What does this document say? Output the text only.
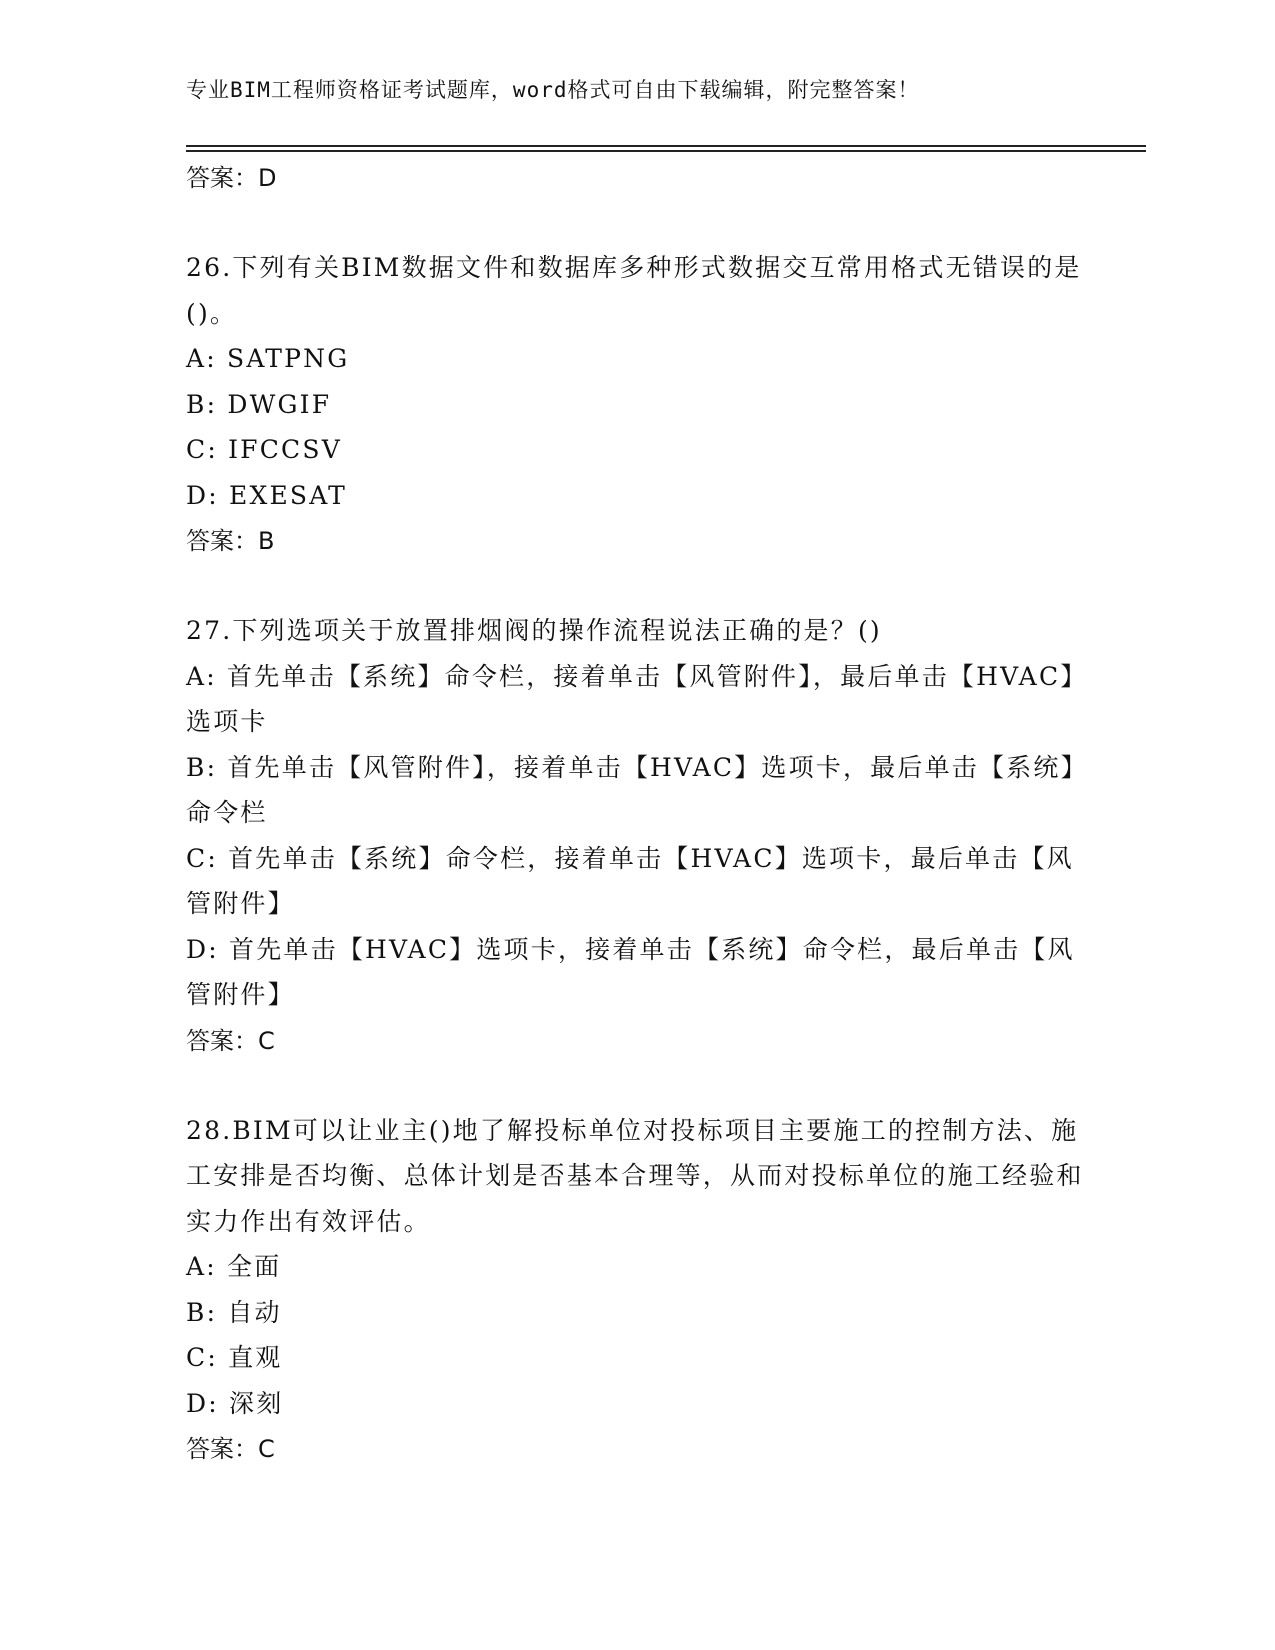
专业BIM工程师资格证考试题库，word格式可自由下载编辑，附完整答案！
答案：D
26.下列有关BIM数据文件和数据库多种形式数据交互常用格式无错误的是()。
A: SATPNG
B: DWGIF
C: IFCCSV
D: EXESAT
答案：B
27.下列选项关于放置排烟阀的操作流程说法正确的是？()
A: 首先单击【系统】命令栏，接着单击【风管附件】，最后单击【HVAC】选项卡
B: 首先单击【风管附件】，接着单击【HVAC】选项卡，最后单击【系统】命令栏
C: 首先单击【系统】命令栏，接着单击【HVAC】选项卡，最后单击【风管附件】
D: 首先单击【HVAC】选项卡，接着单击【系统】命令栏，最后单击【风管附件】
答案：C
28.BIM可以让业主()地了解投标单位对投标项目主要施工的控制方法、施工安排是否均衡、总体计划是否基本合理等，从而对投标单位的施工经验和实力作出有效评估。
A: 全面
B: 自动
C: 直观
D: 深刻
答案：C
